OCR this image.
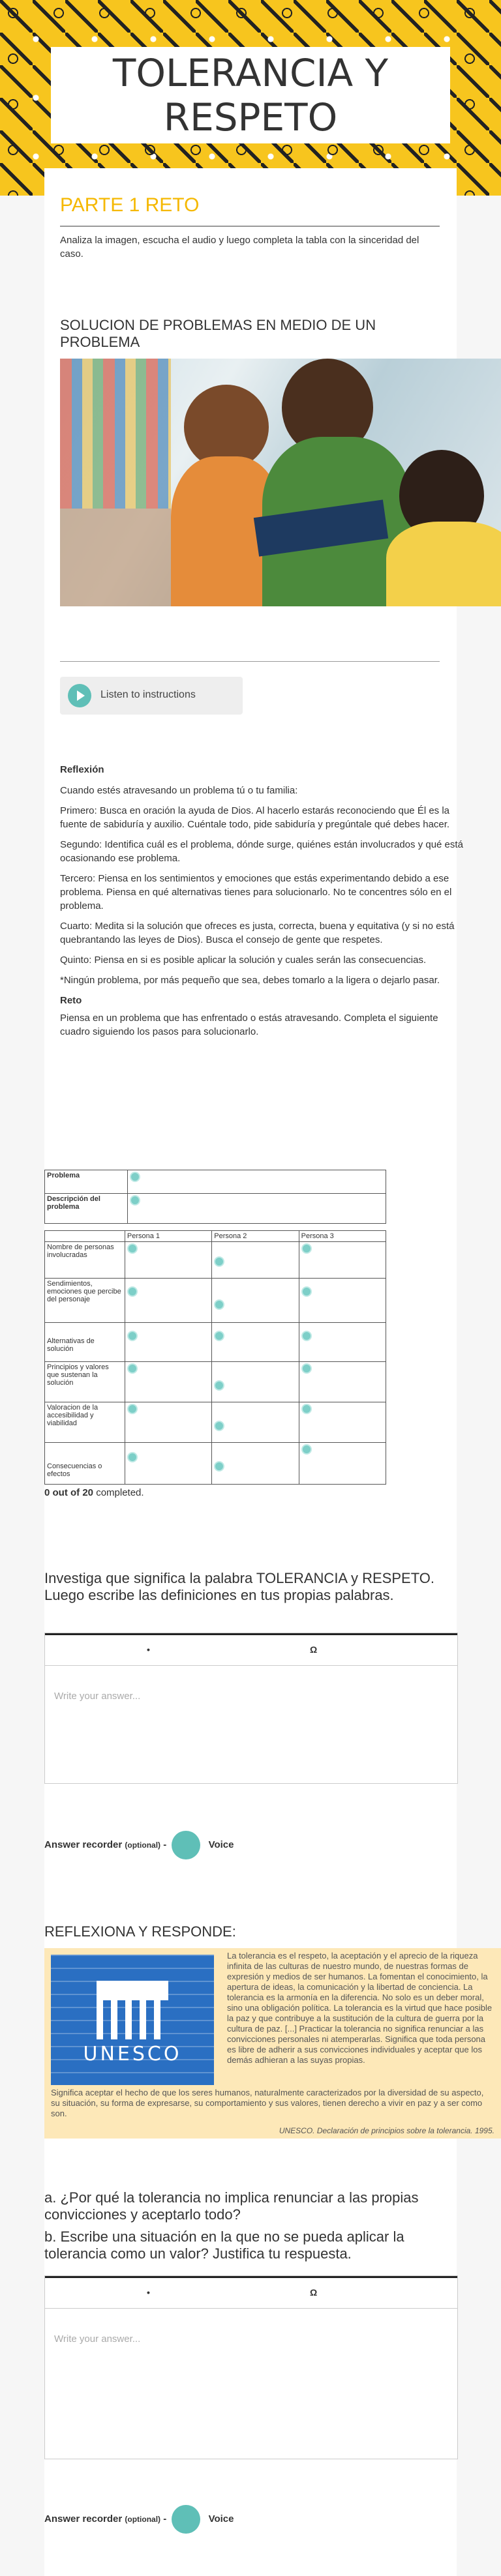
TOLERANCIA Y RESPETO
PARTE 1 RETO
Analiza la imagen, escucha el audio y luego completa la tabla con la sinceridad del caso.
SOLUCION DE PROBLEMAS EN MEDIO DE UN PROBLEMA
Listen to instructions
Reflexión

Cuando estés atravesando un problema tú o tu familia:

Primero: Busca en oración la ayuda de Dios. Al hacerlo estarás reconociendo que Él es la fuente de sabiduría y auxilio. Cuéntale todo, pide sabiduría y pregúntale qué debes hacer.

Segundo: Identifica cuál es el problema, dónde surge, quiénes están involucrados y qué está ocasionando ese problema.

Tercero: Piensa en los sentimientos y emociones que estás experimentando debido a ese problema. Piensa en qué alternativas tienes para solucionarlo. No te concentres sólo en el problema.

Cuarto: Medita si la solución que ofreces es justa, correcta, buena y equitativa (y si no está quebrantando las leyes de Dios). Busca el consejo de gente que respetes.

Quinto: Piensa en si es posible aplicar la solución y cuales serán las consecuencias.

*Ningún problema, por más pequeño que sea, debes tomarlo a la ligera o dejarlo pasar.

Reto

Piensa en un problema que has enfrentado o estás atravesando. Completa el siguiente cuadro siguiendo los pasos para solucionarlo.

Problema	
Descripción del problema	
	Persona 1	Persona 2	Persona 3
Nombre de personas involucradas		

Sendimientos, emociones que percibe del personaje	

Alternativas de solución	

Principios y valores que sustenan la solución		

Valoracion de la accesibilidad y viabilidad		

Consecuencias o efectos	

0 out of 20 completed.
Investiga que significa la palabra TOLERANCIA y RESPETO. Luego escribe las definiciones en tus propias palabras.
•	Ω
Write your answer...
Answer recorder (optional) -	Voice
REFLEXIONA Y RESPONDE:
UNESCO
La tolerancia es el respeto, la aceptación y el aprecio de la riqueza infinita de las culturas de nuestro mundo, de nuestras formas de expresión y medios de ser humanos. La fomentan el conocimiento, la apertura de ideas, la comunicación y la libertad de conciencia. La tolerancia es la armonía en la diferencia. No solo es un deber moral, sino una obligación política. La tolerancia es la virtud que hace posible la paz y que contribuye a la sustitución de la cultura de guerra por la cultura de paz. [...] Practicar la tolerancia no significa renunciar a las convicciones personales ni atemperarlas. Significa que toda persona es libre de adherir a sus convicciones individuales y aceptar que los demás adhieran a las suyas propias.
Significa aceptar el hecho de que los seres humanos, naturalmente caracterizados por la diversidad de su aspecto, su situación, su forma de expresarse, su comportamiento y sus valores, tienen derecho a vivir en paz y a ser como son.
UNESCO. Declaración de principios sobre la tolerancia. 1995.
a. ¿Por qué la tolerancia no implica renunciar a las propias convicciones y aceptarlo todo?
b. Escribe una situación en la que no se pueda aplicar la tolerancia como un valor? Justifica tu respuesta.
•	Ω
Write your answer...
Answer recorder (optional) -	Voice
